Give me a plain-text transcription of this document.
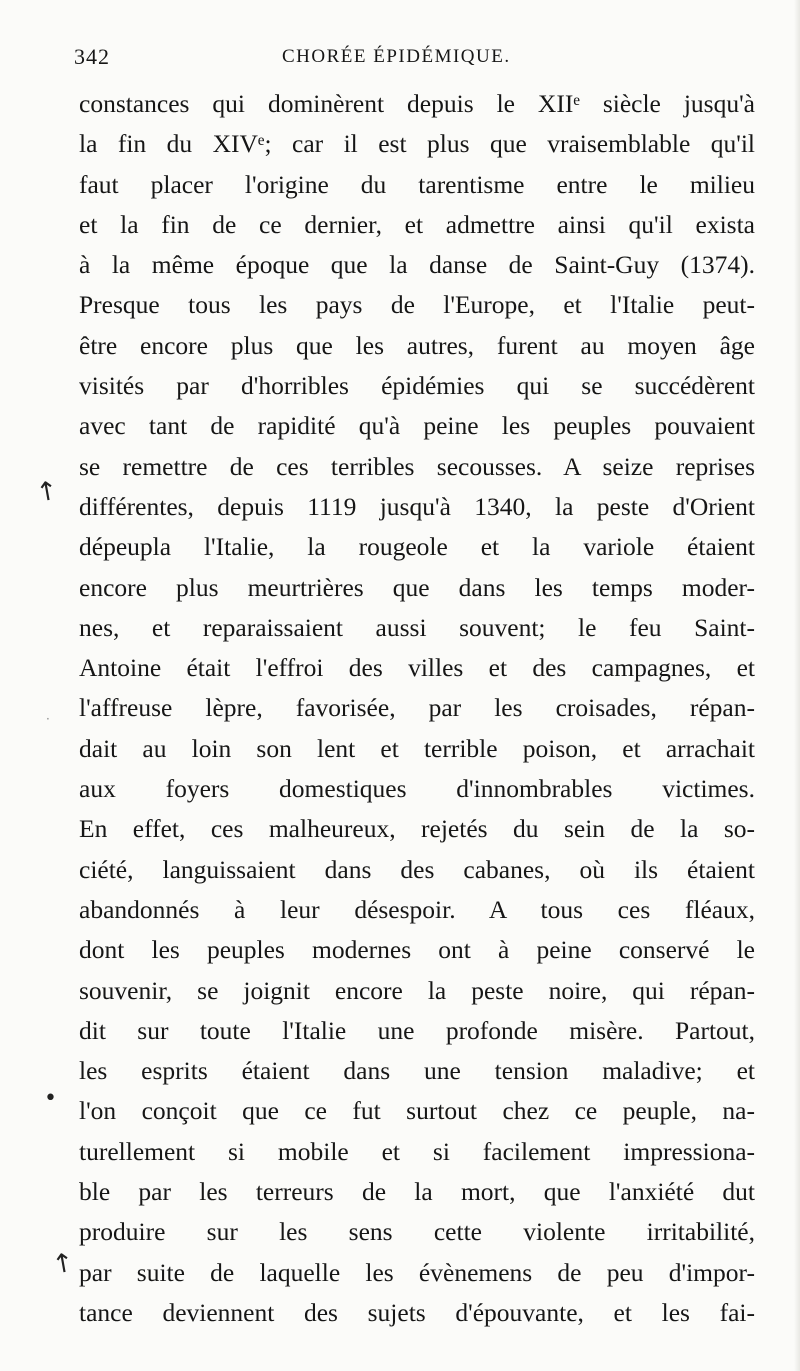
342	CHORÉE ÉPIDÉMIQUE.
constances qui dominèrent depuis le XIIᵉ siècle jusqu'à
la fin du XIVᵉ; car il est plus que vraisemblable qu'il
faut placer l'origine du tarentisme entre le milieu
et la fin de ce dernier, et admettre ainsi qu'il exista
à la même époque que la danse de Saint-Guy (1374).
Presque tous les pays de l'Europe, et l'Italie peut-
être encore plus que les autres, furent au moyen âge
visités par d'horribles épidémies qui se succédèrent
avec tant de rapidité qu'à peine les peuples pouvaient
se remettre de ces terribles secousses. A seize reprises
différentes, depuis 1119 jusqu'à 1340, la peste d'Orient
dépeupla l'Italie, la rougeole et la variole étaient
encore plus meurtrières que dans les temps moder-
nes, et reparaissaient aussi souvent; le feu Saint-
Antoine était l'effroi des villes et des campagnes, et
l'affreuse lèpre, favorisée, par les croisades, répan-
dait au loin son lent et terrible poison, et arrachait
aux foyers domestiques d'innombrables victimes.
En effet, ces malheureux, rejetés du sein de la so-
ciété, languissaient dans des cabanes, où ils étaient
abandonnés à leur désespoir. A tous ces fléaux,
dont les peuples modernes ont à peine conservé le
souvenir, se joignit encore la peste noire, qui répan-
dit sur toute l'Italie une profonde misère. Partout,
les esprits étaient dans une tension maladive; et
l'on conçoit que ce fut surtout chez ce peuple, na-
turellement si mobile et si facilement impressiona-
ble par les terreurs de la mort, que l'anxiété dut
produire sur les sens cette violente irritabilité,
par suite de laquelle les évènemens de peu d'impor-
tance deviennent des sujets d'épouvante, et les fai-
↖
·
•
↖
